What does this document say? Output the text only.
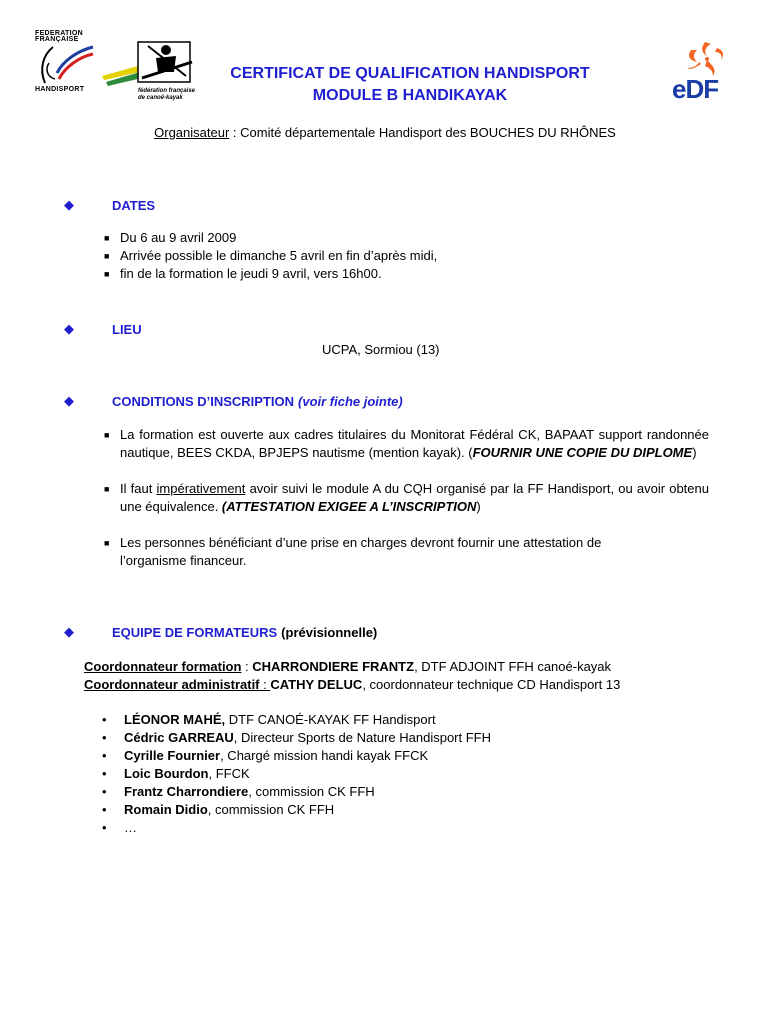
FEDERATION
FRANÇAISE
HANDISPORT	fédération française de canoë-kayak	eDF
CERTIFICAT DE QUALIFICATION HANDISPORT
MODULE B HANDIKAYAK
Organisateur : Comité départementale Handisport des BOUCHES DU RHÔNES
◆	DATES
■ Du 6 au 9 avril 2009
■ Arrivée possible le dimanche 5 avril en fin d’après midi,
■ fin de la formation le jeudi 9 avril, vers 16h00.
◆	LIEU
UCPA, Sormiou (13)
◆	CONDITIONS D’INSCRIPTION (voir fiche jointe)
■ La formation est ouverte aux cadres titulaires du Monitorat Fédéral CK, BAPAAT support randonnée nautique, BEES CKDA, BPJEPS nautisme (mention kayak). (FOURNIR UNE COPIE DU DIPLOME)
■ Il faut impérativement avoir suivi le module A du CQH organisé par la FF Handisport, ou avoir obtenu une équivalence. (ATTESTATION EXIGEE A L’INSCRIPTION)
■ Les personnes bénéficiant d’une prise en charges devront fournir une attestation de l’organisme financeur.
◆	EQUIPE DE FORMATEURS (prévisionnelle)
Coordonnateur formation : CHARRONDIERE FRANTZ, DTF ADJOINT FFH canoé-kayak
Coordonnateur administratif : CATHY DELUC, coordonnateur technique CD Handisport 13
• LÉONOR MAHÉ, DTF CANOÉ-KAYAK FF Handisport
• Cédric GARREAU, Directeur Sports de Nature Handisport FFH
• Cyrille Fournier, Chargé mission handi kayak FFCK
• Loic Bourdon, FFCK
• Frantz Charrondiere, commission CK FFH
• Romain Didio, commission CK FFH
• …
